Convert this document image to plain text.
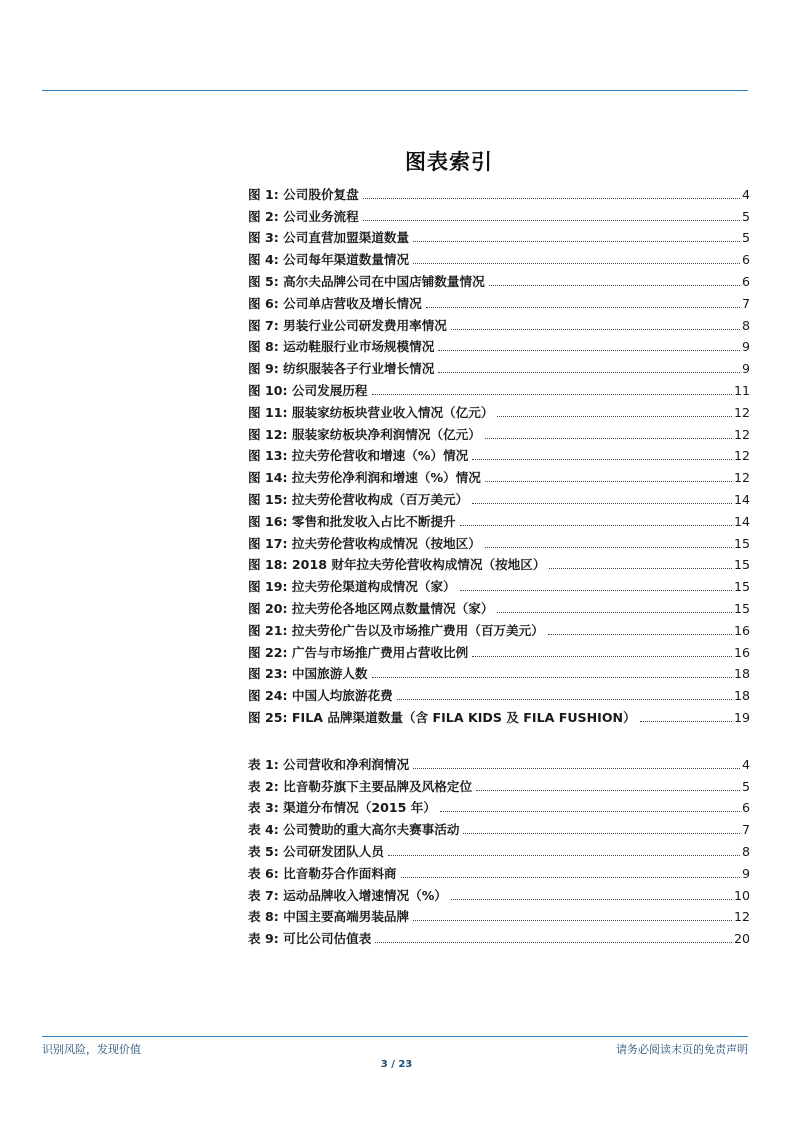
图表索引
图 1: 公司股价复盘	4
图 2: 公司业务流程	5
图 3: 公司直营加盟渠道数量	5
图 4: 公司每年渠道数量情况	6
图 5: 高尔夫品牌公司在中国店铺数量情况	6
图 6: 公司单店营收及增长情况	7
图 7: 男装行业公司研发费用率情况	8
图 8: 运动鞋服行业市场规模情况	9
图 9: 纺织服装各子行业增长情况	9
图 10: 公司发展历程	11
图 11: 服装家纺板块营业收入情况（亿元）	12
图 12: 服装家纺板块净利润情况（亿元）	12
图 13: 拉夫劳伦营收和增速（%）情况	12
图 14: 拉夫劳伦净利润和增速（%）情况	12
图 15: 拉夫劳伦营收构成（百万美元）	14
图 16: 零售和批发收入占比不断提升	14
图 17: 拉夫劳伦营收构成情况（按地区）	15
图 18: 2018 财年拉夫劳伦营收构成情况（按地区）	15
图 19: 拉夫劳伦渠道构成情况（家）	15
图 20: 拉夫劳伦各地区网点数量情况（家）	15
图 21: 拉夫劳伦广告以及市场推广费用（百万美元）	16
图 22: 广告与市场推广费用占营收比例	16
图 23: 中国旅游人数	18
图 24: 中国人均旅游花费	18
图 25: FILA 品牌渠道数量（含 FILA KIDS 及 FILA FUSHION）	19
表 1: 公司营收和净利润情况	4
表 2: 比音勒芬旗下主要品牌及风格定位	5
表 3: 渠道分布情况（2015 年）	6
表 4: 公司赞助的重大高尔夫赛事活动	7
表 5: 公司研发团队人员	8
表 6: 比音勒芬合作面料商	9
表 7: 运动品牌收入增速情况（%）	10
表 8: 中国主要高端男装品牌	12
表 9: 可比公司估值表	20
识别风险，发现价值	请务必阅读末页的免责声明
3 / 23
